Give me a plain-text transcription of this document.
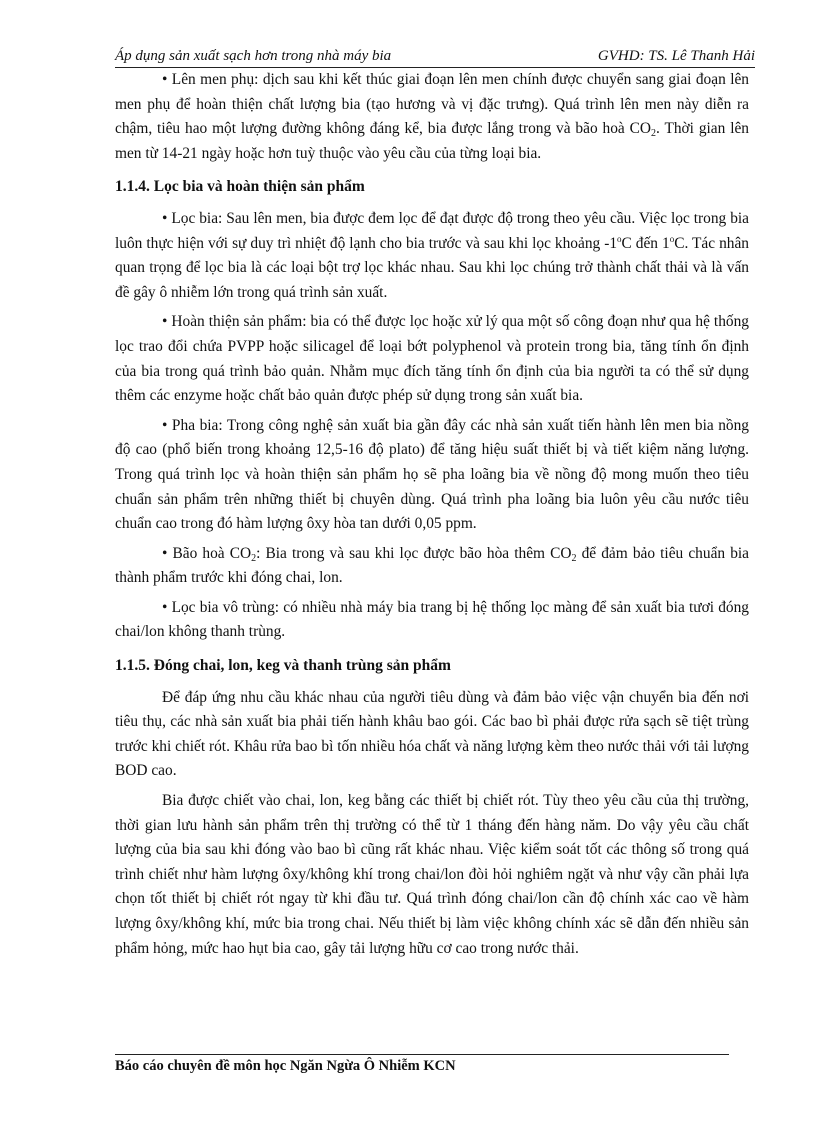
Áp dụng sản xuất sạch hơn trong nhà máy bia	GVHD: TS. Lê Thanh Hải

• Lên men phụ: dịch sau khi kết thúc giai đoạn lên men chính được chuyển sang giai đoạn lên men phụ để hoàn thiện chất lượng bia (tạo hương và vị đặc trưng). Quá trình lên men này diễn ra chậm, tiêu hao một lượng đường không đáng kể, bia được lắng trong và bão hoà $CO_2$. Thời gian lên men từ 14-21 ngày hoặc hơn tuỳ thuộc vào yêu cầu của từng loại bia.

1.1.4. Lọc bia và hoàn thiện sản phẩm

• Lọc bia: Sau lên men, bia được đem lọc để đạt được độ trong theo yêu cầu. Việc lọc trong bia luôn thực hiện với sự duy trì nhiệt độ lạnh cho bia trước và sau khi lọc khoảng -1$^o$C đến 1$^o$C. Tác nhân quan trọng để lọc bia là các loại bột trợ lọc khác nhau. Sau khi lọc chúng trở thành chất thải và là vấn đề gây ô nhiễm lớn trong quá trình sản xuất.

• Hoàn thiện sản phẩm: bia có thể được lọc hoặc xử lý qua một số công đoạn như qua hệ thống lọc trao đổi chứa PVPP hoặc silicagel để loại bớt polyphenol và protein trong bia, tăng tính ổn định của bia trong quá trình bảo quản. Nhằm mục đích tăng tính ổn định của bia người ta có thể sử dụng thêm các enzyme hoặc chất bảo quản được phép sử dụng trong sản xuất bia.

• Pha bia: Trong công nghệ sản xuất bia gần đây các nhà sản xuất tiến hành lên men bia nồng độ cao (phổ biến trong khoảng 12,5-16 độ plato) để tăng hiệu suất thiết bị và tiết kiệm năng lượng. Trong quá trình lọc và hoàn thiện sản phẩm họ sẽ pha loãng bia về nồng độ mong muốn theo tiêu chuẩn sản phẩm trên những thiết bị chuyên dùng. Quá trình pha loãng bia luôn yêu cầu nước tiêu chuẩn cao trong đó hàm lượng ôxy hòa tan dưới 0,05 ppm.

• Bão hoà $CO_2$: Bia trong và sau khi lọc được bão hòa thêm $CO_2$ để đảm bảo tiêu chuẩn bia thành phẩm trước khi đóng chai, lon.

• Lọc bia vô trùng: có nhiều nhà máy bia trang bị hệ thống lọc màng để sản xuất bia tươi đóng chai/lon không thanh trùng.

1.1.5. Đóng chai, lon, keg và thanh trùng sản phẩm

Để đáp ứng nhu cầu khác nhau của người tiêu dùng và đảm bảo việc vận chuyển bia đến nơi tiêu thụ, các nhà sản xuất bia phải tiến hành khâu bao gói. Các bao bì phải được rửa sạch sẽ tiệt trùng trước khi chiết rót. Khâu rửa bao bì tốn nhiều hóa chất và năng lượng kèm theo nước thải với tải lượng BOD cao.

Bia được chiết vào chai, lon, keg bằng các thiết bị chiết rót. Tùy theo yêu cầu của thị trường, thời gian lưu hành sản phẩm trên thị trường có thể từ 1 tháng đến hàng năm. Do vậy yêu cầu chất lượng của bia sau khi đóng vào bao bì cũng rất khác nhau. Việc kiểm soát tốt các thông số trong quá trình chiết như hàm lượng ôxy/không khí trong chai/lon đòi hỏi nghiêm ngặt và như vậy cần phải lựa chọn tốt thiết bị chiết rót ngay từ khi đầu tư. Quá trình đóng chai/lon cần độ chính xác cao về hàm lượng ôxy/không khí, mức bia trong chai. Nếu thiết bị làm việc không chính xác sẽ dẫn đến nhiều sản phẩm hỏng, mức hao hụt bia cao, gây tải lượng hữu cơ cao trong nước thải.

Báo cáo chuyên đề môn học Ngăn Ngừa Ô Nhiễm KCN
